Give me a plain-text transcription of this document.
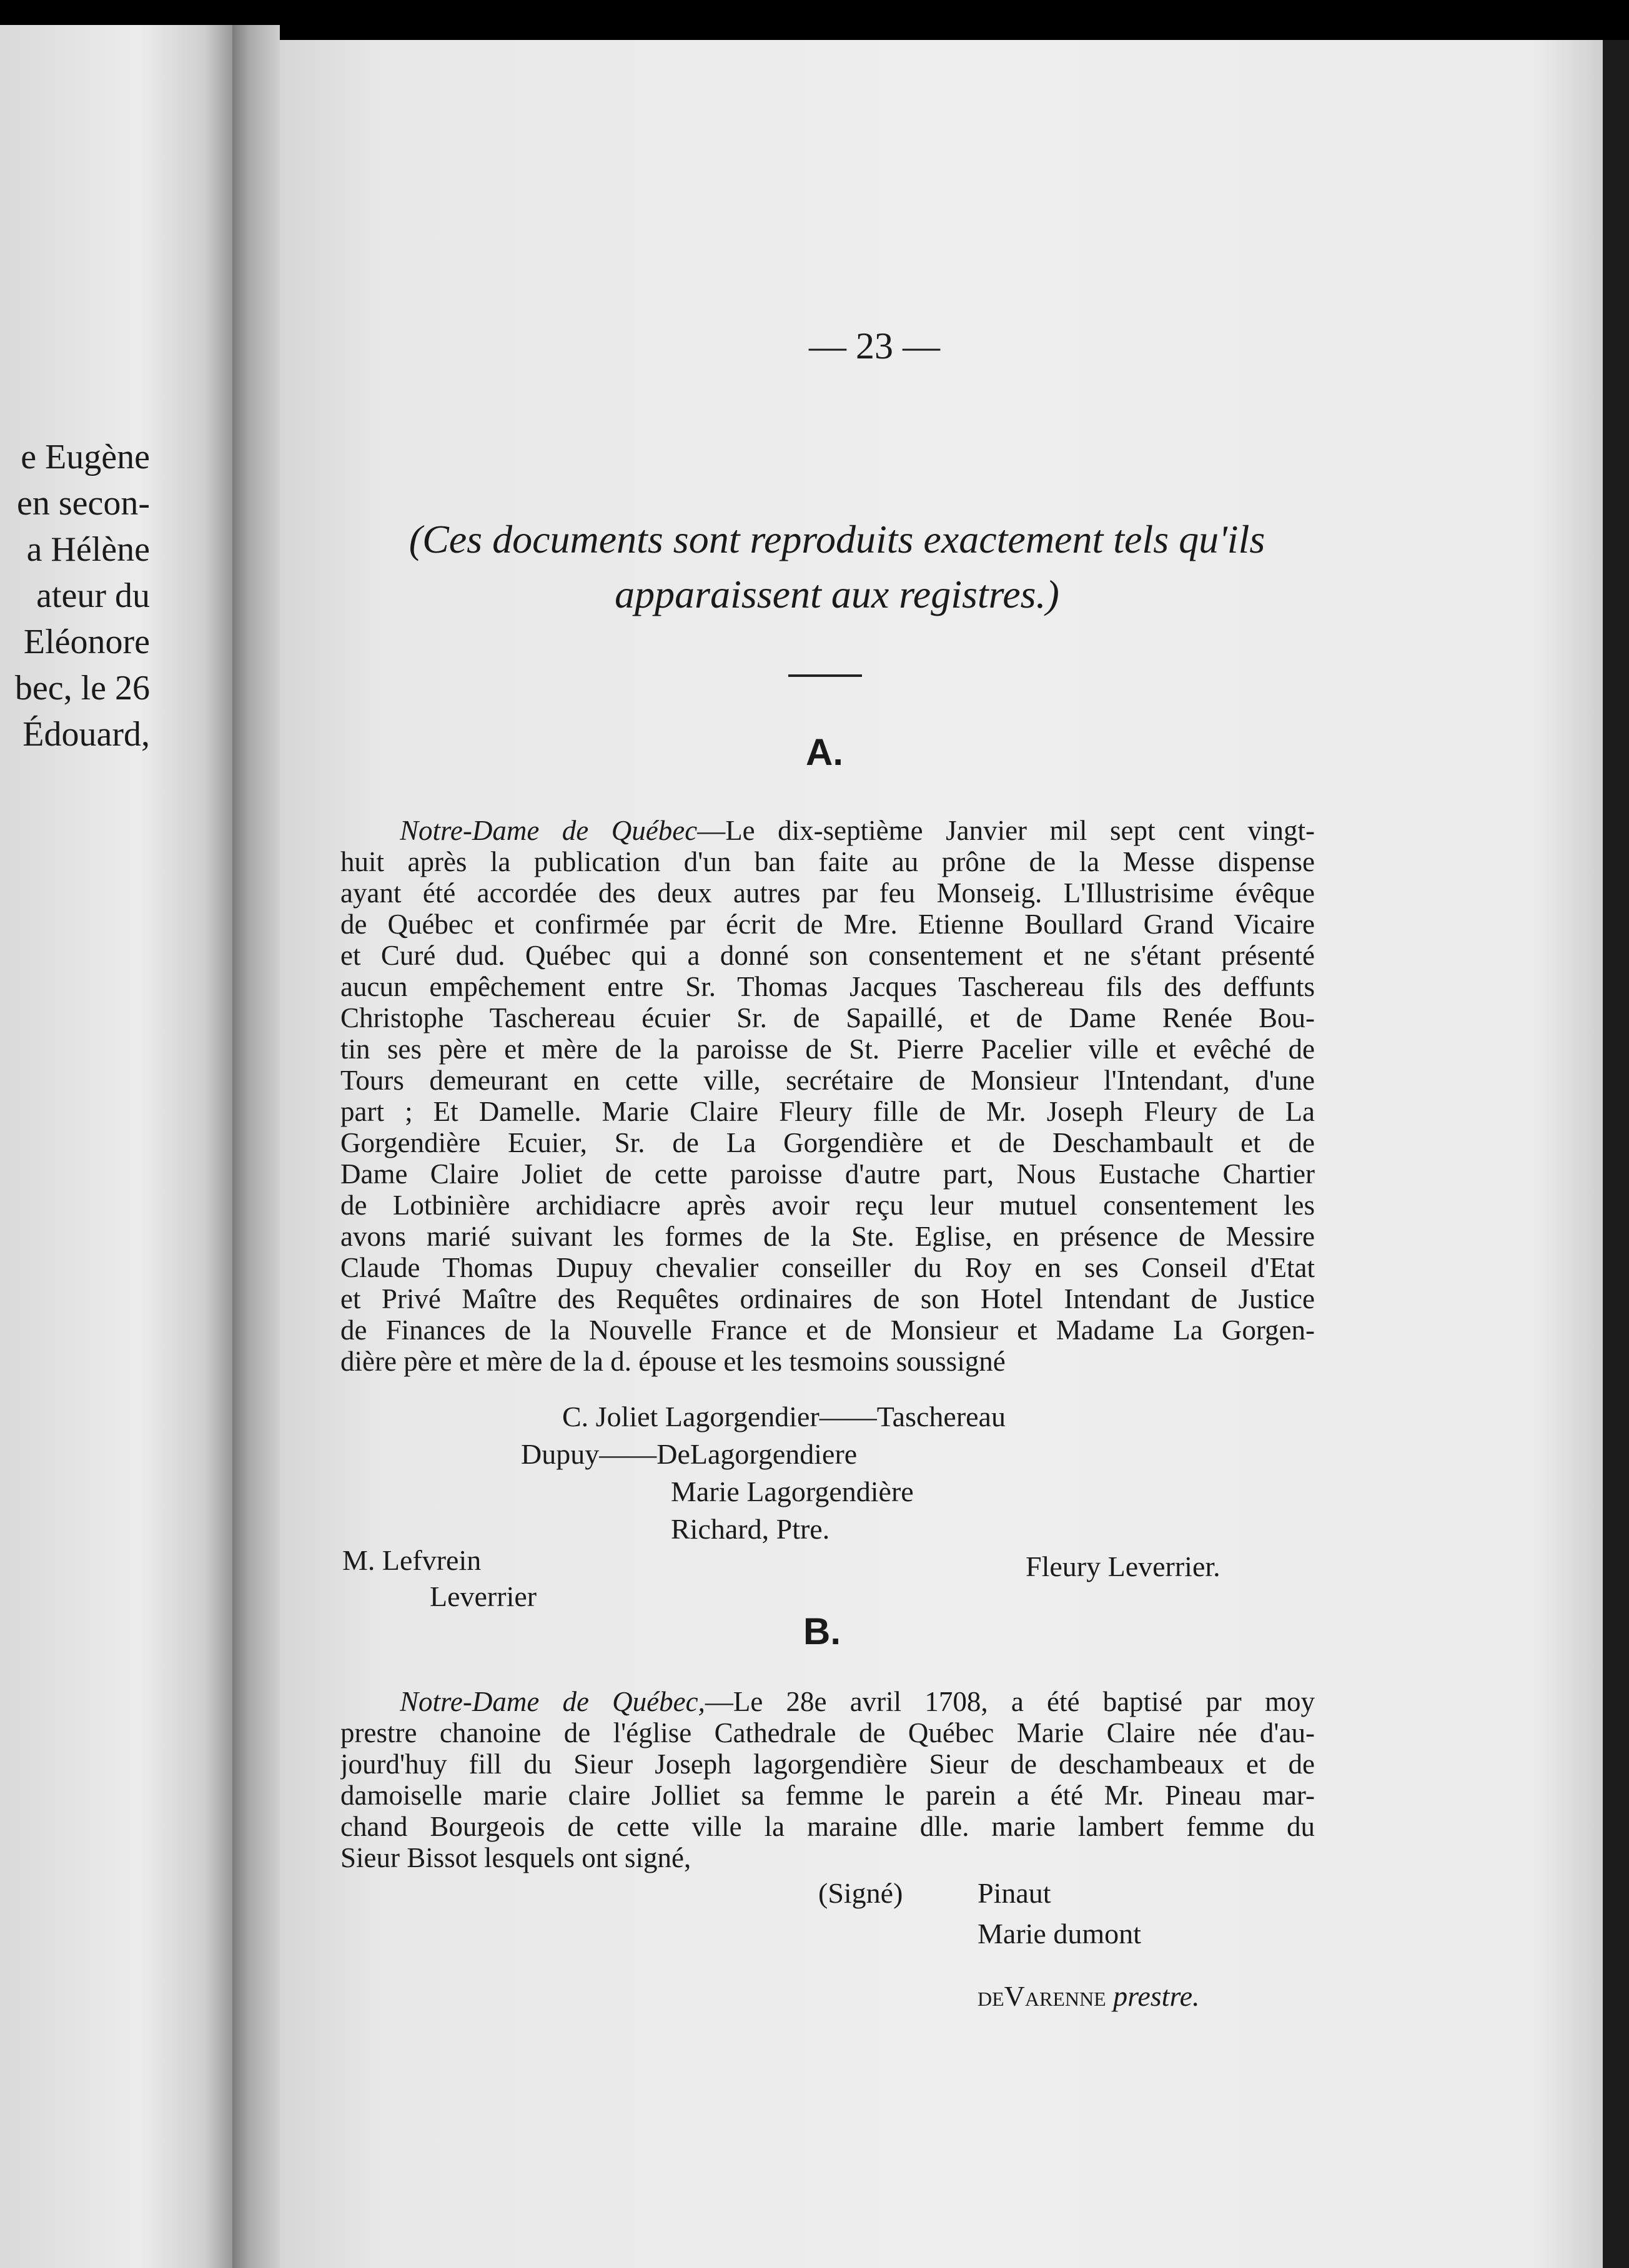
e Eugène
en secon-
a Hélène
ateur du
Eléonore
bec, le 26
Édouard,
— 23 —
(Ces documents sont reproduits exactement tels qu'ils
apparaissent aux registres.)
A.
Notre-Dame de Québec—Le dix-septième Janvier mil sept cent vingt-
huit après la publication d'un ban faite au prône de la Messe dispense
ayant été accordée des deux autres par feu Monseig. L'Illustrisime évêque
de Québec et confirmée par écrit de Mre. Etienne Boullard Grand Vicaire
et Curé dud. Québec qui a donné son consentement et ne s'étant présenté
aucun empêchement entre Sr. Thomas Jacques Taschereau fils des deffunts
Christophe Taschereau écuier Sr. de Sapaillé, et de Dame Renée Bou-
tin ses père et mère de la paroisse de St. Pierre Pacelier ville et evêché de
Tours demeurant en cette ville, secrétaire de Monsieur l'Intendant, d'une
part ; Et Damelle. Marie Claire Fleury fille de Mr. Joseph Fleury de La
Gorgendière Ecuier, Sr. de La Gorgendière et de Deschambault et de
Dame Claire Joliet de cette paroisse d'autre part, Nous Eustache Chartier
de Lotbinière archidiacre après avoir reçu leur mutuel consentement les
avons marié suivant les formes de la Ste. Eglise, en présence de Messire
Claude Thomas Dupuy chevalier conseiller du Roy en ses Conseil d'Etat
et Privé Maître des Requêtes ordinaires de son Hotel Intendant de Justice
de Finances de la Nouvelle France et de Monsieur et Madame La Gorgen-
dière père et mère de la d. épouse et les tesmoins soussigné
C. Joliet Lagorgendier——Taschereau
Dupuy——DeLagorgendiere
Marie Lagorgendière
Richard, Ptre.
M. Lefvrein
Leverrier
Fleury Leverrier.
B.
Notre-Dame de Québec,—Le 28e avril 1708, a été baptisé par moy
prestre chanoine de l'église Cathedrale de Québec Marie Claire née d'au-
jourd'huy fill du Sieur Joseph lagorgendière Sieur de deschambeaux et de
damoiselle marie claire Jolliet sa femme le parein a été Mr. Pineau mar-
chand Bourgeois de cette ville la maraine dlle. marie lambert femme du
Sieur Bissot lesquels ont signé,
(Signé)	Pinaut
Marie dumont
deVarenne prestre.
